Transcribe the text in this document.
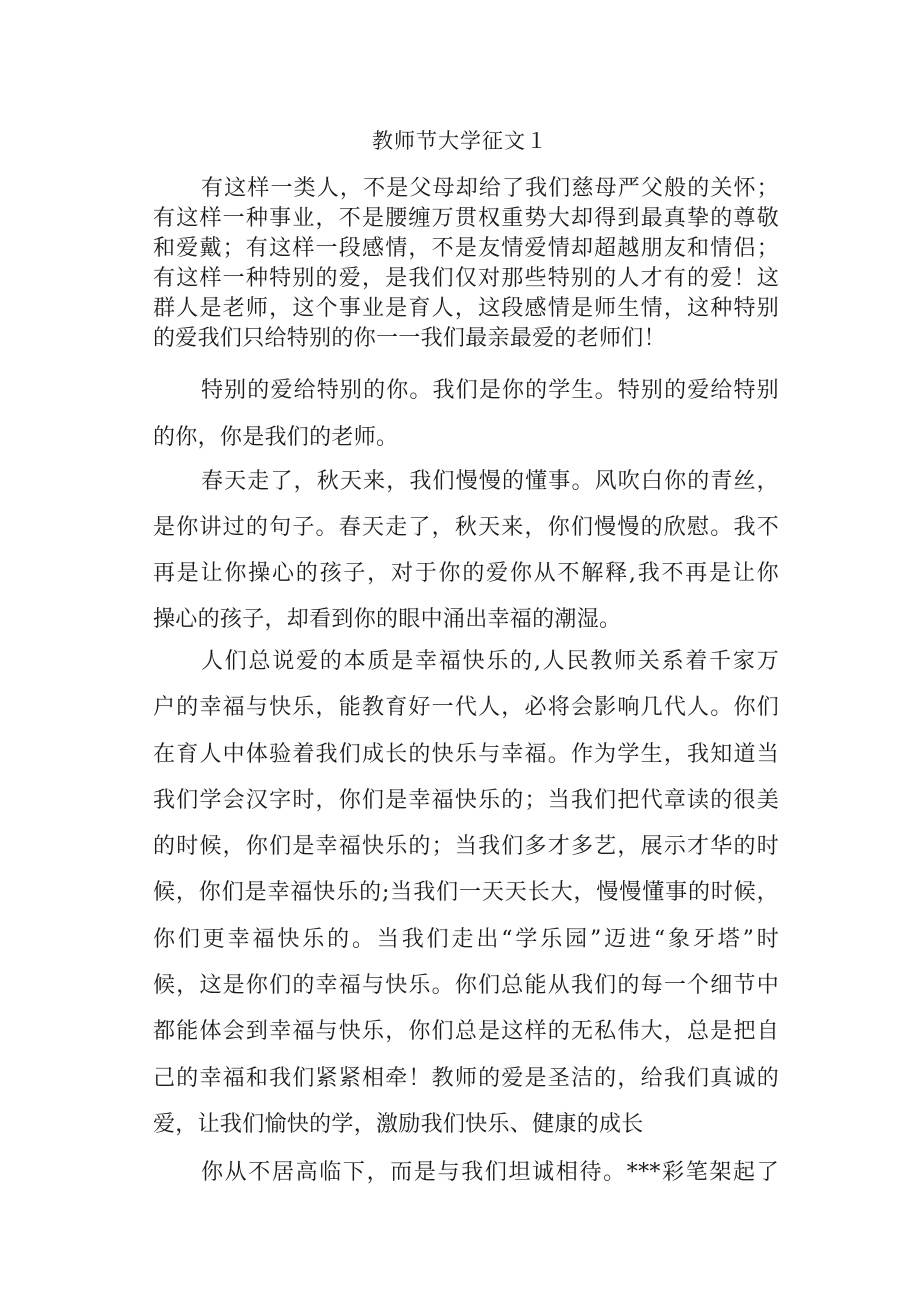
教师节大学征文１
有这样一类人，不是父母却给了我们慈母严父般的关怀；
有这样一种事业，不是腰缠万贯权重势大却得到最真挚的尊敬
和爱戴；有这样一段感情，不是友情爱情却超越朋友和情侣；
有这样一种特别的爱，是我们仅对那些特别的人才有的爱！这
群人是老师，这个事业是育人，这段感情是师生情，这种特别
的爱我们只给特别的你一一我们最亲最爱的老师们！
特别的爱给特别的你。我们是你的学生。特别的爱给特别
的你，你是我们的老师。
春天走了，秋天来，我们慢慢的懂事。风吹白你的青丝，
是你讲过的句子。春天走了，秋天来，你们慢慢的欣慰。我不
再是让你操心的孩子，对于你的爱你从不解释,我不再是让你
操心的孩子，却看到你的眼中涌出幸福的潮湿。
人们总说爱的本质是幸福快乐的,人民教师关系着千家万
户的幸福与快乐，能教育好一代人，必将会影响几代人。你们
在育人中体验着我们成长的快乐与幸福。作为学生，我知道当
我们学会汉字时，你们是幸福快乐的；当我们把代章读的很美
的时候，你们是幸福快乐的；当我们多才多艺，展示才华的时
候，你们是幸福快乐的;当我们一天天长大，慢慢懂事的时候，
你们更幸福快乐的。当我们走出“学乐园”迈进“象牙塔”时
候，这是你们的幸福与快乐。你们总能从我们的每一个细节中
都能体会到幸福与快乐，你们总是这样的无私伟大，总是把自
己的幸福和我们紧紧相牵！教师的爱是圣洁的，给我们真诚的
爱，让我们愉快的学，激励我们快乐、健康的成长
你从不居高临下，而是与我们坦诚相待。***彩笔架起了
